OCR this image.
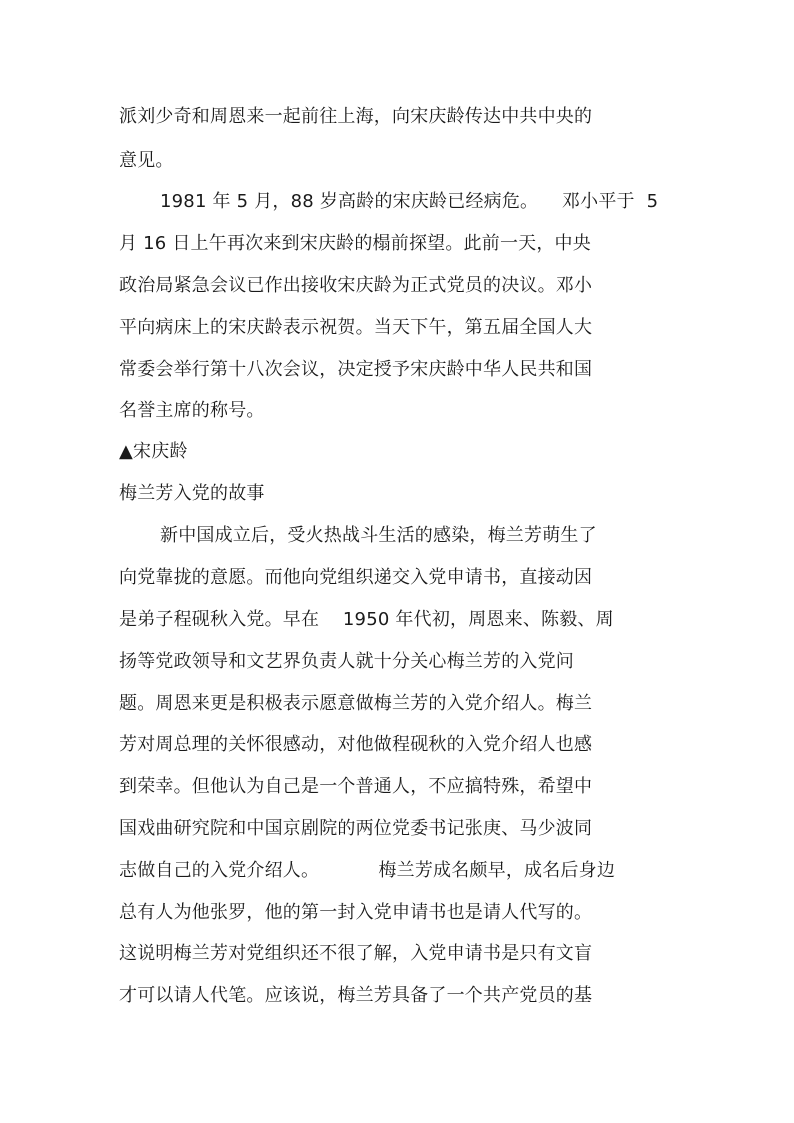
派刘少奇和周恩来一起前往上海，向宋庆龄传达中共中央的
意见。
1981 年 5 月，88 岁高龄的宋庆龄已经病危。    邓小平于  5
月 16 日上午再次来到宋庆龄的榻前探望。此前一天，中央
政治局紧急会议已作出接收宋庆龄为正式党员的决议。邓小
平向病床上的宋庆龄表示祝贺。当天下午，第五届全国人大
常委会举行第十八次会议，决定授予宋庆龄中华人民共和国
名誉主席的称号。
▲宋庆龄
梅兰芳入党的故事
新中国成立后，受火热战斗生活的感染，梅兰芳萌生了
向党靠拢的意愿。而他向党组织递交入党申请书，直接动因
是弟子程砚秋入党。早在    1950 年代初，周恩来、陈毅、周
扬等党政领导和文艺界负责人就十分关心梅兰芳的入党问
题。周恩来更是积极表示愿意做梅兰芳的入党介绍人。梅兰
芳对周总理的关怀很感动，对他做程砚秋的入党介绍人也感
到荣幸。但他认为自己是一个普通人，不应搞特殊，希望中
国戏曲研究院和中国京剧院的两位党委书记张庚、马少波同
志做自己的入党介绍人。          梅兰芳成名颇早，成名后身边
总有人为他张罗，他的第一封入党申请书也是请人代写的。
这说明梅兰芳对党组织还不很了解，入党申请书是只有文盲
才可以请人代笔。应该说，梅兰芳具备了一个共产党员的基
